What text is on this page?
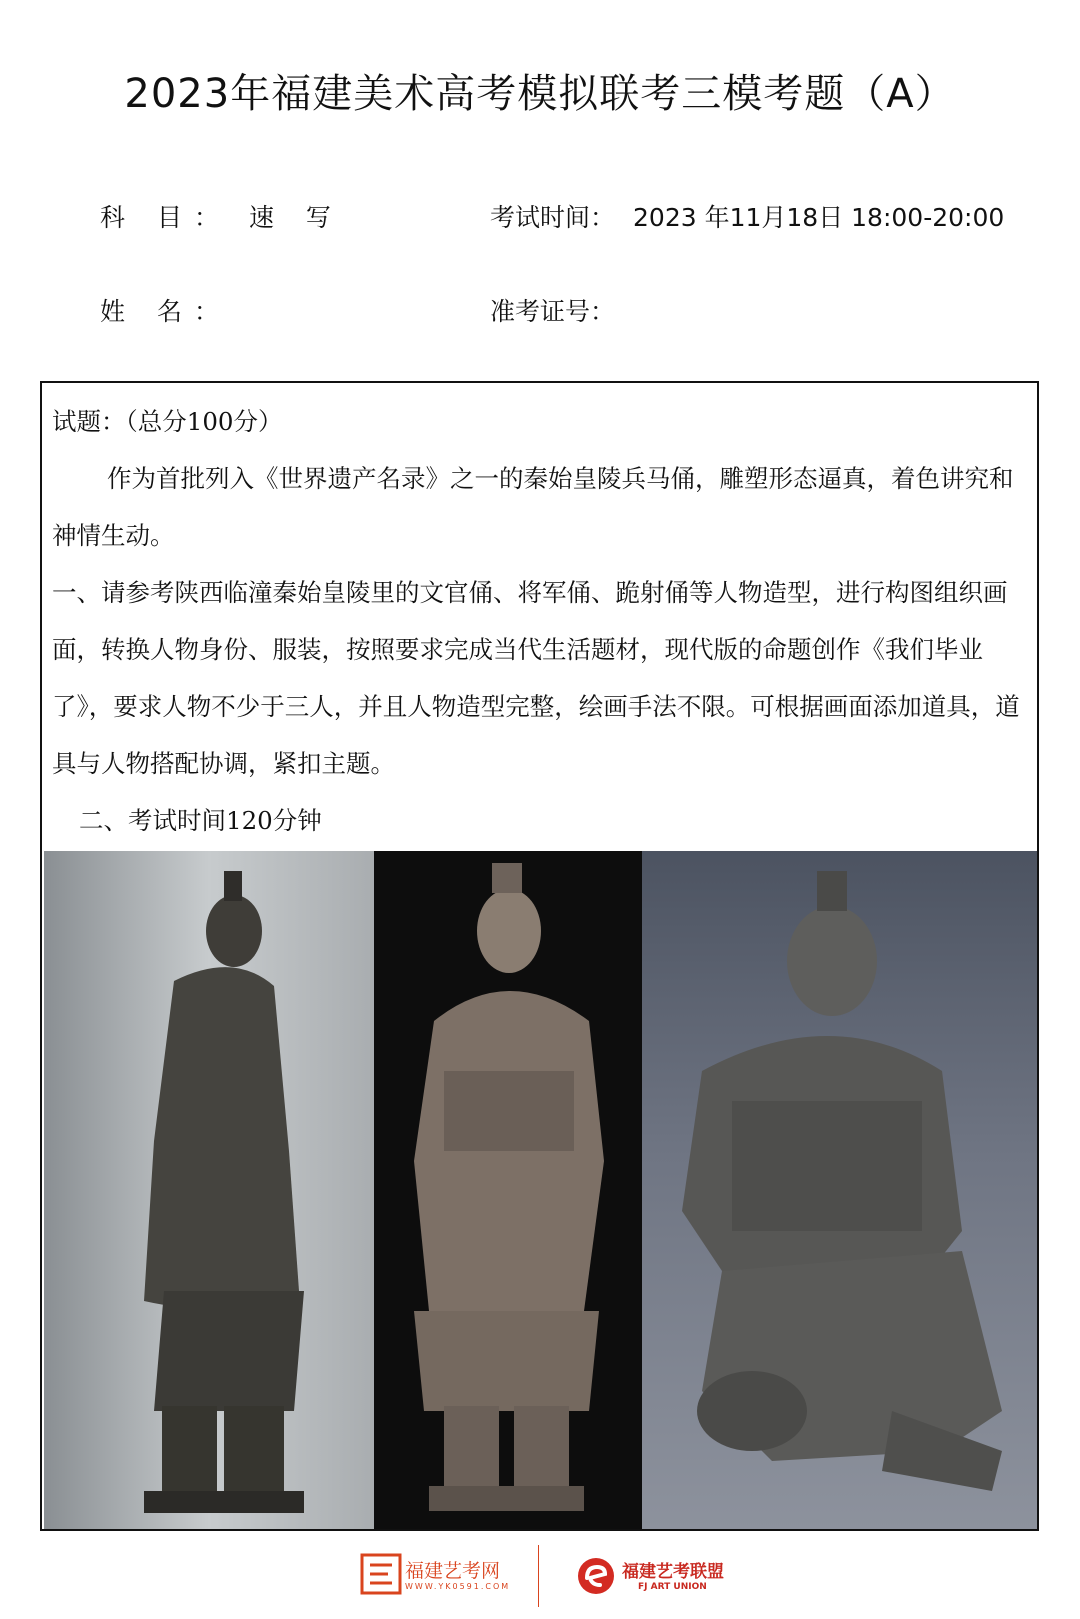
2023年福建美术高考模拟联考三模考题（A）
科 目： 速 写	考试时间： 2023 年11月18日 18:00-20:00
姓 名：	准考证号：

试题：（总分100分）

作为首批列入《世界遗产名录》之一的秦始皇陵兵马俑，雕塑形态逼真，着色讲究和神情生动。

一、请参考陕西临潼秦始皇陵里的文官俑、将军俑、跪射俑等人物造型，进行构图组织画面，转换人物身份、服装，按照要求完成当代生活题材，现代版的命题创作《我们毕业了》，要求人物不少于三人，并且人物造型完整，绘画手法不限。可根据画面添加道具，道具与人物搭配协调，紧扣主题。

二、考试时间120分钟

福建艺考网
WWW.YK0591.COM
福建艺考联盟
FJ ART UNION
